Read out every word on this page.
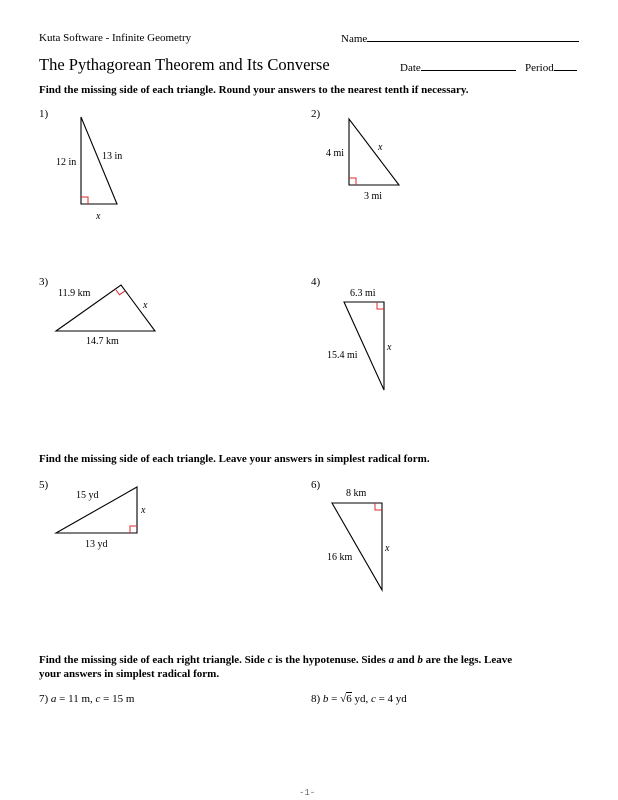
Kuta Software - Infinite Geometry	Name
The Pythagorean Theorem and Its Converse	Date	Period
Find the missing side of each triangle. Round your answers to the nearest tenth if necessary.
1)	2)
3)	4)
Find the missing side of each triangle. Leave your answers in simplest radical form.
5)	6)
12 in
13 in
x
4 mi
x
3 mi
11.9 km
x
14.7 km
6.3 mi
15.4 mi
x
15 yd
x
13 yd
8 km
16 km
x
Find the missing side of each right triangle. Side c is the hypotenuse. Sides a and b are the legs. Leave
your answers in simplest radical form.
7) a = 11 m, c = 15 m	8) b = √6 yd, c = 4 yd
-1-
